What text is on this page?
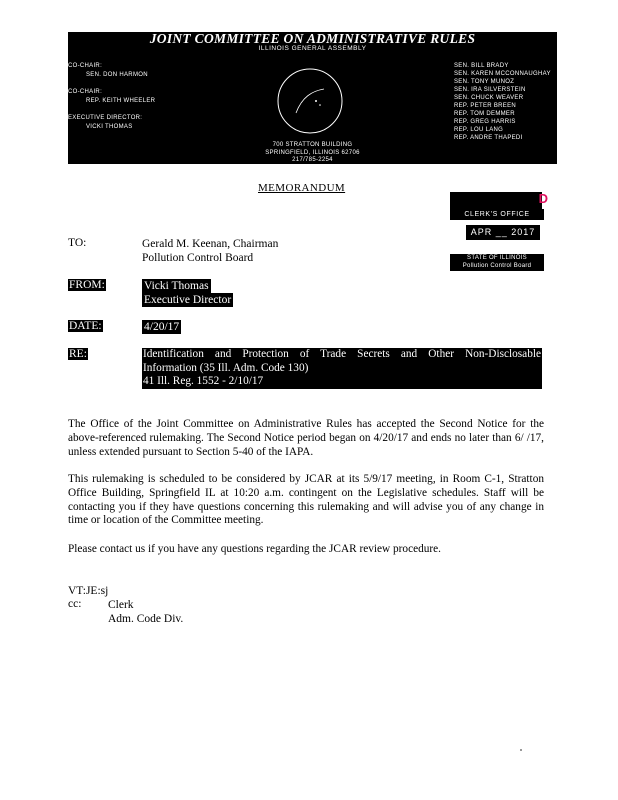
JOINT COMMITTEE ON ADMINISTRATIVE RULES
ILLINOIS GENERAL ASSEMBLY
CO-CHAIR:
SEN. DON HARMON
CO-CHAIR:
REP. KEITH WHEELER
EXECUTIVE DIRECTOR:
VICKI THOMAS
700 STRATTON BUILDING
SPRINGFIELD, ILLINOIS 62706
217/785-2254
SEN. BILL BRADY
SEN. KAREN MCCONNAUGHAY
SEN. TONY MUNOZ
SEN. IRA SILVERSTEIN
SEN. CHUCK WEAVER
REP. PETER BREEN
REP. TOM DEMMER
REP. GREG HARRIS
REP. LOU LANG
REP. ANDRE THAPEDI
MEMORANDUM
D
CLERK'S OFFICE
APR __ 2017
STATE OF ILLINOIS
Pollution Control Board
TO:	Gerald M. Keenan, Chairman
Pollution Control Board
FROM:	Vicki Thomas
Executive Director
DATE:	4/20/17
RE:	Identification and Protection of Trade Secrets and Other Non-Disclosable
Information (35 Ill. Adm. Code 130)
41 Ill. Reg. 1552 - 2/10/17
The Office of the Joint Committee on Administrative Rules has accepted the Second Notice for the above-referenced rulemaking. The Second Notice period began on 4/20/17 and ends no later than 6/ /17, unless extended pursuant to Section 5-40 of the IAPA.
This rulemaking is scheduled to be considered by JCAR at its 5/9/17 meeting, in Room C-1, Stratton Office Building, Springfield IL at 10:20 a.m. contingent on the Legislative schedules. Staff will be contacting you if they have questions concerning this rulemaking and will advise you of any change in time or location of the Committee meeting.
Please contact us if you have any questions regarding the JCAR review procedure.
VT:JE:sj
cc: Clerk
Adm. Code Div.
